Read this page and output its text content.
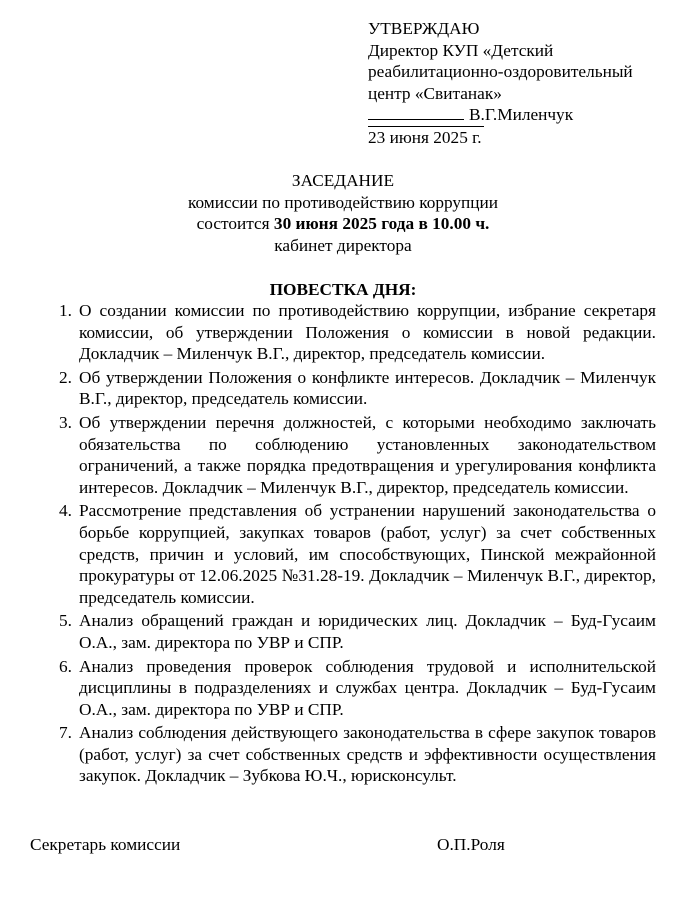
УТВЕРЖДАЮ
Директор КУП «Детский
реабилитационно-оздоровительный
центр «Свитанак»
В.Г.Миленчук
23 июня 2025 г.
ЗАСЕДАНИЕ
комиссии по противодействию коррупции
состоится 30 июня 2025 года в 10.00 ч.
кабинет директора
ПОВЕСТКА ДНЯ:
1. О создании комиссии по противодействию коррупции, избрание секретаря комиссии, об утверждении Положения о комиссии в новой редакции. Докладчик – Миленчук В.Г., директор, председатель комиссии.
2. Об утверждении Положения о конфликте интересов. Докладчик – Миленчук В.Г., директор, председатель комиссии.
3. Об утверждении перечня должностей, с которыми необходимо заключать обязательства по соблюдению установленных законодательством ограничений, а также порядка предотвращения и урегулирования конфликта интересов. Докладчик – Миленчук В.Г., директор, председатель комиссии.
4. Рассмотрение представления об устранении нарушений законодательства о борьбе коррупцией, закупках товаров (работ, услуг) за счет собственных средств, причин и условий, им способствующих, Пинской межрайонной прокуратуры от 12.06.2025 №31.28-19. Докладчик – Миленчук В.Г., директор, председатель комиссии.
5. Анализ обращений граждан и юридических лиц. Докладчик – Буд-Гусаим О.А., зам. директора по УВР и СПР.
6. Анализ проведения проверок соблюдения трудовой и исполнительской дисциплины в подразделениях и службах центра. Докладчик – Буд-Гусаим О.А., зам. директора по УВР и СПР.
7. Анализ соблюдения действующего законодательства в сфере закупок товаров (работ, услуг) за счет собственных средств и эффективности осуществления закупок. Докладчик – Зубкова Ю.Ч., юрисконсульт.
Секретарь комиссии	О.П.Роля
